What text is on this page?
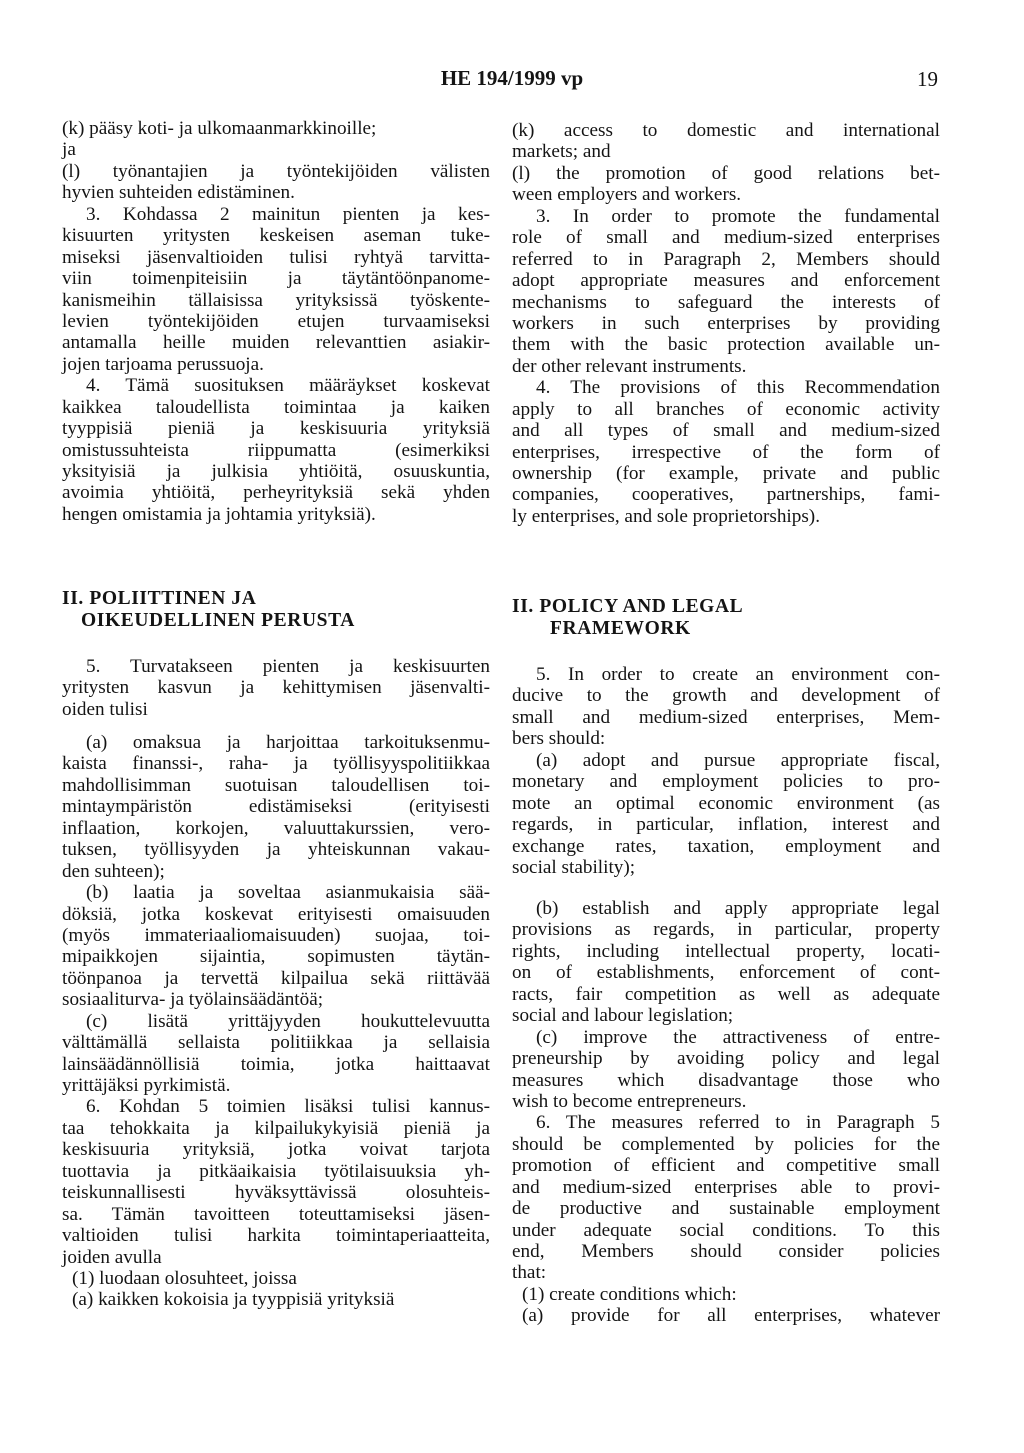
HE 194/1999 vp	19
(k) pääsy koti- ja ulkomaanmarkkinoille;
ja
(l) työnantajien ja työntekijöiden välisten
hyvien suhteiden edistäminen.
3. Kohdassa 2 mainitun pienten ja kes-
kisuurten yritysten keskeisen aseman tuke-
miseksi jäsenvaltioiden tulisi ryhtyä tarvitta-
viin toimenpiteisiin ja täytäntöönpanome-
kanismeihin tällaisissa yrityksissä työskente-
levien työntekijöiden etujen turvaamiseksi
antamalla heille muiden relevanttien asiakir-
jojen tarjoama perussuoja.
4. Tämä suosituksen määräykset koskevat
kaikkea taloudellista toimintaa ja kaiken
tyyppisiä pieniä ja keskisuuria yrityksiä
omistussuhteista riippumatta (esimerkiksi
yksityisiä ja julkisia yhtiöitä, osuuskuntia,
avoimia yhtiöitä, perheyrityksiä sekä yhden
hengen omistamia ja johtamia yrityksiä).
II. POLIITTINEN JA
OIKEUDELLINEN PERUSTA
5. Turvatakseen pienten ja keskisuurten
yritysten kasvun ja kehittymisen jäsenvalti-
oiden tulisi
(a) omaksua ja harjoittaa tarkoituksenmu-
kaista finanssi-, raha- ja työllisyyspolitiikkaa
mahdollisimman suotuisan taloudellisen toi-
mintaympäristön edistämiseksi (erityisesti
inflaation, korkojen, valuuttakurssien, vero-
tuksen, työllisyyden ja yhteiskunnan vakau-
den suhteen);
(b) laatia ja soveltaa asianmukaisia sää-
döksiä, jotka koskevat erityisesti omaisuuden
(myös immateriaaliomaisuuden) suojaa, toi-
mipaikkojen sijaintia, sopimusten täytän-
töönpanoa ja tervettä kilpailua sekä riittävää
sosiaaliturva- ja työlainsäädäntöä;
(c) lisätä yrittäjyyden houkuttelevuutta
välttämällä sellaista politiikkaa ja sellaisia
lainsäädännöllisiä toimia, jotka haittaavat
yrittäjäksi pyrkimistä.
6. Kohdan 5 toimien lisäksi tulisi kannus-
taa tehokkaita ja kilpailukykyisiä pieniä ja
keskisuuria yrityksiä, jotka voivat tarjota
tuottavia ja pitkäaikaisia työtilaisuuksia yh-
teiskunnallisesti hyväksyttävissä olosuhteis-
sa. Tämän tavoitteen toteuttamiseksi jäsen-
valtioiden tulisi harkita toimintaperiaatteita,
joiden avulla
(1) luodaan olosuhteet, joissa
(a) kaikken kokoisia ja tyyppisiä yrityksiä
(k) access to domestic and international
markets; and
(l) the promotion of good relations bet-
ween employers and workers.
3. In order to promote the fundamental
role of small and medium-sized enterprises
referred to in Paragraph 2, Members should
adopt appropriate measures and enforcement
mechanisms to safeguard the interests of
workers in such enterprises by providing
them with the basic protection available un-
der other relevant instruments.
4. The provisions of this Recommendation
apply to all branches of economic activity
and all types of small and medium-sized
enterprises, irrespective of the form of
ownership (for example, private and public
companies, cooperatives, partnerships, fami-
ly enterprises, and sole proprietorships).
II. POLICY AND LEGAL
FRAMEWORK
5. In order to create an environment con-
ducive to the growth and development of
small and medium-sized enterprises, Mem-
bers should:
(a) adopt and pursue appropriate fiscal,
monetary and employment policies to pro-
mote an optimal economic environment (as
regards, in particular, inflation, interest and
exchange rates, taxation, employment and
social stability);
(b) establish and apply appropriate legal
provisions as regards, in particular, property
rights, including intellectual property, locati-
on of establishments, enforcement of cont-
racts, fair competition as well as adequate
social and labour legislation;
(c) improve the attractiveness of entre-
preneurship by avoiding policy and legal
measures which disadvantage those who
wish to become entrepreneurs.
6. The measures referred to in Paragraph 5
should be complemented by policies for the
promotion of efficient and competitive small
and medium-sized enterprises able to provi-
de productive and sustainable employment
under adequate social conditions. To this
end, Members should consider policies
that:
(1) create conditions which:
(a) provide for all enterprises, whatever
